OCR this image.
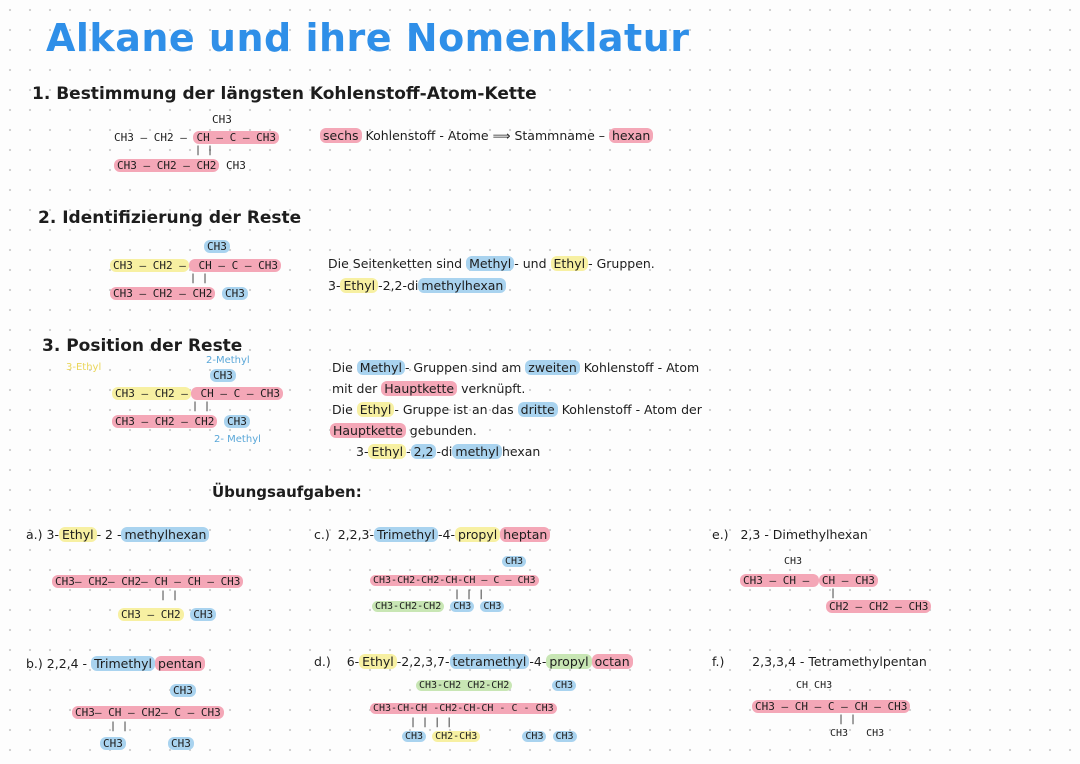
Alkane und ihre Nomenklatur
1. Bestimmung der längsten Kohlenstoff-Atom-Kette
CH3
CH3 – CH2 – CH – C – CH3
| |
CH3 – CH2 – CH2 CH3
sechs Kohlenstoff - Atome ⟹ Stammname – hexan
2. Identifizierung der Reste
CH3
CH3 – CH2 – CH – C – CH3
| |
CH3 – CH2 – CH2 CH3
Die Seitenketten sind Methyl - und Ethyl - Gruppen.
3- Ethyl -2,2-di methylhexan
3. Position der Reste
2-Methyl
3-Ethyl
CH3
CH3 – CH2 – CH – C – CH3
| |
CH3 – CH2 – CH2 CH3
2- Methyl
Die Methyl - Gruppen sind am zweiten Kohlenstoff - Atom
mit der Hauptkette verknüpft.
Die Ethyl - Gruppe ist an das dritte Kohlenstoff - Atom der
Hauptkette gebunden.
3- Ethyl - 2,2 -di methyl hexan
Übungsaufgaben:
a.) 3- Ethyl - 2 - methylhexan
CH3– CH2– CH2– CH – CH – CH3
| |
CH3 – CH2 CH3
b.) 2,2,4 - Trimethyl pentan
CH3
CH3– CH – CH2– C – CH3
| |
CH3	CH3
c.) 2,2,3- Trimethyl -4- propyl heptan
CH3
CH3-CH2-CH2-CH-CH – C – CH3
| | |
CH3-CH2-CH2 CH3 CH3
d.) 6- Ethyl -2,2,3,7- tetramethyl -4- propyl octan
CH3-CH2 CH2-CH2	CH3
CH3-CH-CH -CH2-CH-CH - C - CH3
| | | |
CH3 CH2-CH3	CH3 CH3
e.) 2,3 - Dimethylhexan
CH3
CH3 – CH – CH – CH3
|
CH2 – CH2 – CH3
f.) 2,3,3,4 - Tetramethylpentan
CH CH3
CH3 – CH – C – CH – CH3
| |
CH3 CH3
